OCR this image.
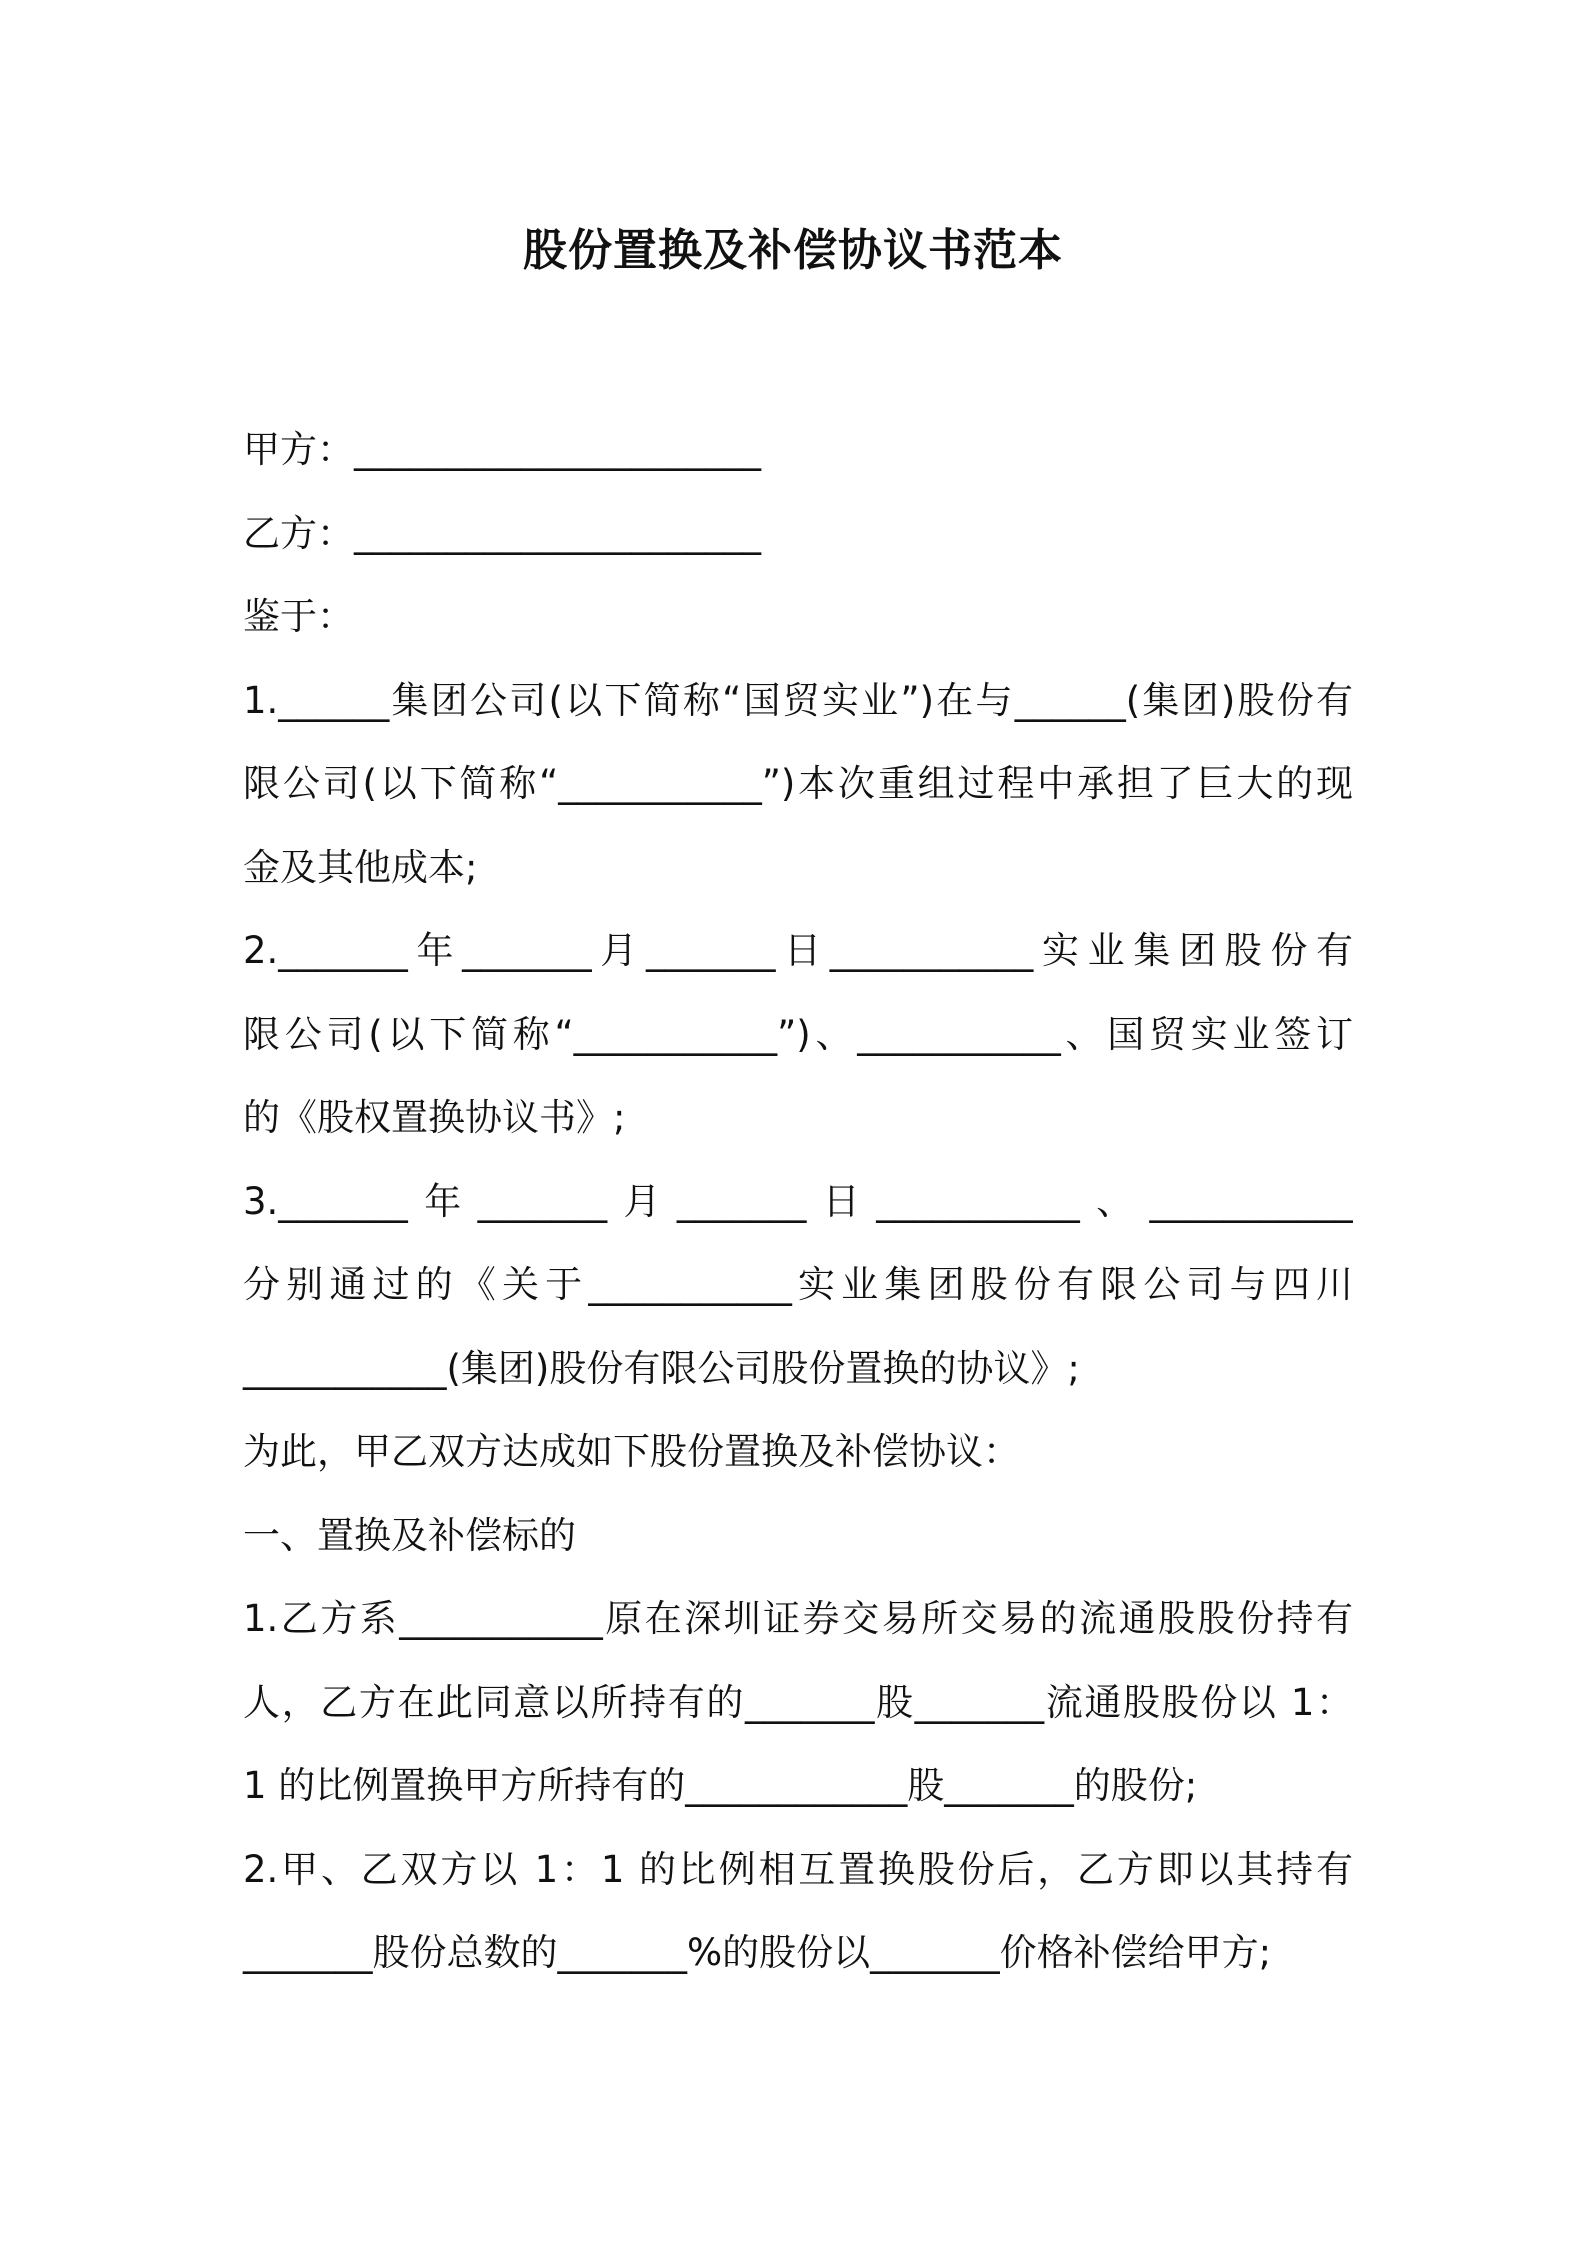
股份置换及补偿协议书范本
甲方：______________________
乙方：______________________
鉴于：
1.______集团公司(以下简称“国贸实业”)在与______(集团)股份有
限公司(以下简称“___________”)本次重组过程中承担了巨大的现
金及其他成本;
2._______年_______月_______日___________实业集团股份有
限公司(以下简称“___________”)、___________、国贸实业签订
的《股权置换协议书》;
3._______年_______月_______日___________、___________
分别通过的《关于___________实业集团股份有限公司与四川
___________(集团)股份有限公司股份置换的协议》;
为此，甲乙双方达成如下股份置换及补偿协议：
一、置换及补偿标的
1.乙方系___________原在深圳证券交易所交易的流通股股份持有
人，乙方在此同意以所持有的_______股_______流通股股份以 1：
1 的比例置换甲方所持有的____________股_______的股份;
2.甲、乙双方以 1：1 的比例相互置换股份后，乙方即以其持有
_______股份总数的_______%的股份以_______价格补偿给甲方;
